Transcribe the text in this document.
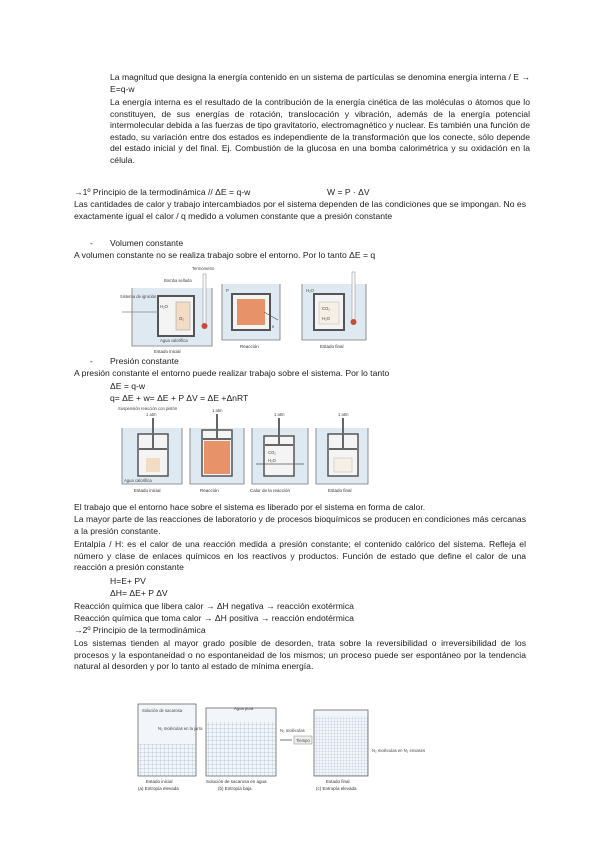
La magnitud que designa la energía contenido en un sistema de partículas se denomina energía interna / E → E=q-w

La energía interna es el resultado de la contribución de la energía cinética de las moléculas o átomos que lo constituyen, de sus energías de rotación, translocación y vibración, además de la energía potencial intermolecular debida a las fuerzas de tipo gravitatorio, electromagnético y nuclear. Es también una función de estado, su variación entre dos estados es independiente de la transformación que los conecte, sólo depende del estado inicial y del final. Ej. Combustión de la glucosa en una bomba calorimétrica y su oxidación en la célula.

→1º Principio de la termodinámica // ΔE = q-w	W = P · ΔV

Las cantidades de calor y trabajo intercambiados por el sistema dependen de las condiciones que se impongan. No es exactamente igual el calor / q medido a volumen constante que a presión constante

- Volumen constante

A volumen constante no se realiza trabajo sobre el entorno. Por lo tanto ΔE = q

Sistema de ignición
Bomba sellada
Termómetro
H₂O
O₂
Agua calorífica
Estado inicial
P
e
Reacción
H₂O
CO₂
H₂O
Estado final
- Presión constante

A presión constante el entorno puede realizar trabajo sobre el sistema. Por lo tanto

ΔE = q-w

q= ΔE + w= ΔE + P ΔV = ΔE +ΔnRT

Suspensión reacción con pistón
1 atm
Agua calorífica
Estado inicial
1 atm
Reacción
1 atm
CO₂
H₂O
Calor de la reacción
1 atm
Estado final

El trabajo que el entorno hace sobre el sistema es liberado por el sistema en forma de calor.

La mayor parte de las reacciones de laboratorio y de procesos bioquímicos se producen en condiciones más cercanas a la presión constante.

Entalpía / H: es el calor de una reacción medida a presión constante; el contenido calórico del sistema. Refleja el número y clase de enlaces químicos en los reactivos y productos. Función de estado que define el calor de una reacción a presión constante

H=E+ PV

ΔH= ΔE+ P ΔV

Reacción química que libera calor → ΔH negativa → reacción exotérmica

Reacción química que toma calor → ΔH positiva → reacción endotérmica

→2º Principio de la termodinámica

Los sistemas tienden al mayor grado posible de desorden, trata sobre la reversibilidad o irreversibilidad de los procesos y la espontaneidad o no espontaneidad de los mismos; un proceso puede ser espontáneo por la tendencia natural al desorden y por lo tanto al estado de mínima energía.

Solución de sacarosa
N₂ moléculas en la jarra
Estado inicial
(a) Entropía elevada
Agua pura
Solución de sacarosa en agua
(b) Entropía baja
N₂ moléculas
Tiempo
N₂ moléculas en N₂ envases
Estado final
(c) Entropía elevada
